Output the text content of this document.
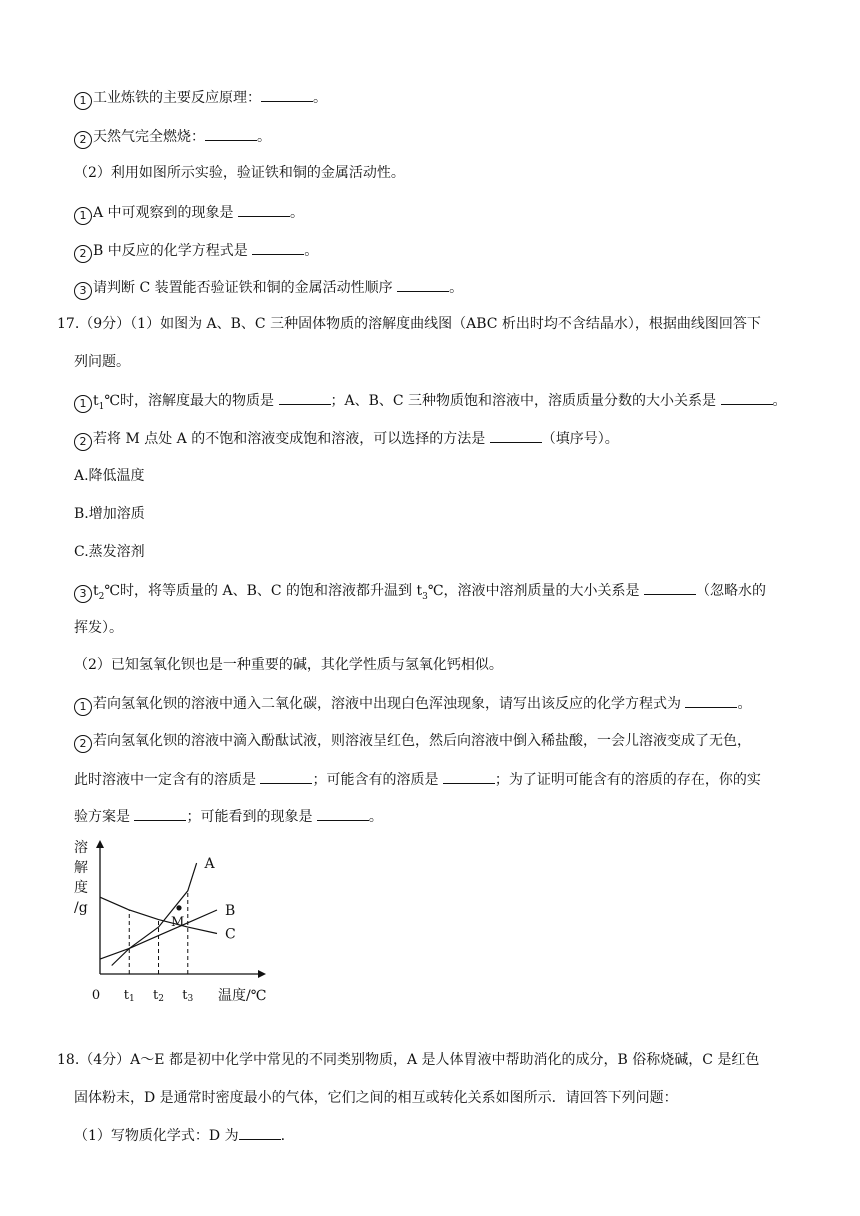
1 工业炼铁的主要反应原理：	。
2 天然气完全燃烧：	。
（2）利用如图所示实验，验证铁和铜的金属活动性。
1 A 中可观察到的现象是	。
2 B 中反应的化学方程式是	。
3 请判断 C 装置能否验证铁和铜的金属活动性顺序	。
17.（9分）（1）如图为 A、B、C 三种固体物质的溶解度曲线图（ABC 析出时均不含结晶水），根据曲线图回答下
列问题。
1 $t_1℃$时，溶解度最大的物质是	；A、B、C 三种物质饱和溶液中，溶质质量分数的大小关系是	。
2 若将 M 点处 A 的不饱和溶液变成饱和溶液，可以选择的方法是	（填序号）。
A.降低温度
B.增加溶质
C.蒸发溶剂
3 $t_2℃$时，将等质量的 A、B、C 的饱和溶液都升温到 $t_3℃$，溶液中溶剂质量的大小关系是	（忽略水的
挥发）。
（2）已知氢氧化钡也是一种重要的碱，其化学性质与氢氧化钙相似。
1 若向氢氧化钡的溶液中通入二氧化碳，溶液中出现白色浑浊现象，请写出该反应的化学方程式为	。
2 若向氢氧化钡的溶液中滴入酚酞试液，则溶液呈红色，然后向溶液中倒入稀盐酸，一会儿溶液变成了无色，
此时溶液中一定含有的溶质是	；可能含有的溶质是	；为了证明可能含有的溶质的存在，你的实
验方案是	；可能看到的现象是	。
溶
解
度
/g
温度/℃
0 t1 t2 t3
A
B
C
M
18.（4分）A～E 都是初中化学中常见的不同类别物质，A 是人体胃液中帮助消化的成分，B 俗称烧碱，C 是红色
固体粉末，D 是通常时密度最小的气体，它们之间的相互或转化关系如图所示．请回答下列问题：
（1）写物质化学式：D 为	.
